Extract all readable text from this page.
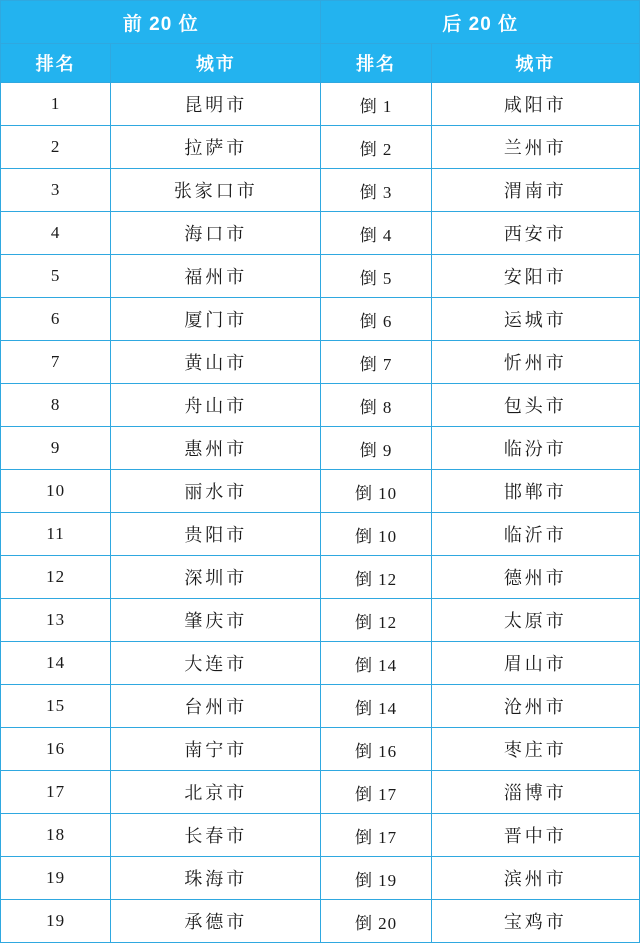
前 20 位		后 20 位	
排名	城市	排名	城市
1	昆明市	倒 1	咸阳市
2	拉萨市	倒 2	兰州市
3	张家口市	倒 3	渭南市
4	海口市	倒 4	西安市
5	福州市	倒 5	安阳市
6	厦门市	倒 6	运城市
7	黄山市	倒 7	忻州市
8	舟山市	倒 8	包头市
9	惠州市	倒 9	临汾市
10	丽水市	倒 10	邯郸市
11	贵阳市	倒 10	临沂市
12	深圳市	倒 12	德州市
13	肇庆市	倒 12	太原市
14	大连市	倒 14	眉山市
15	台州市	倒 14	沧州市
16	南宁市	倒 16	枣庄市
17	北京市	倒 17	淄博市
18	长春市	倒 17	晋中市
19	珠海市	倒 19	滨州市
19	承德市	倒 20	宝鸡市
